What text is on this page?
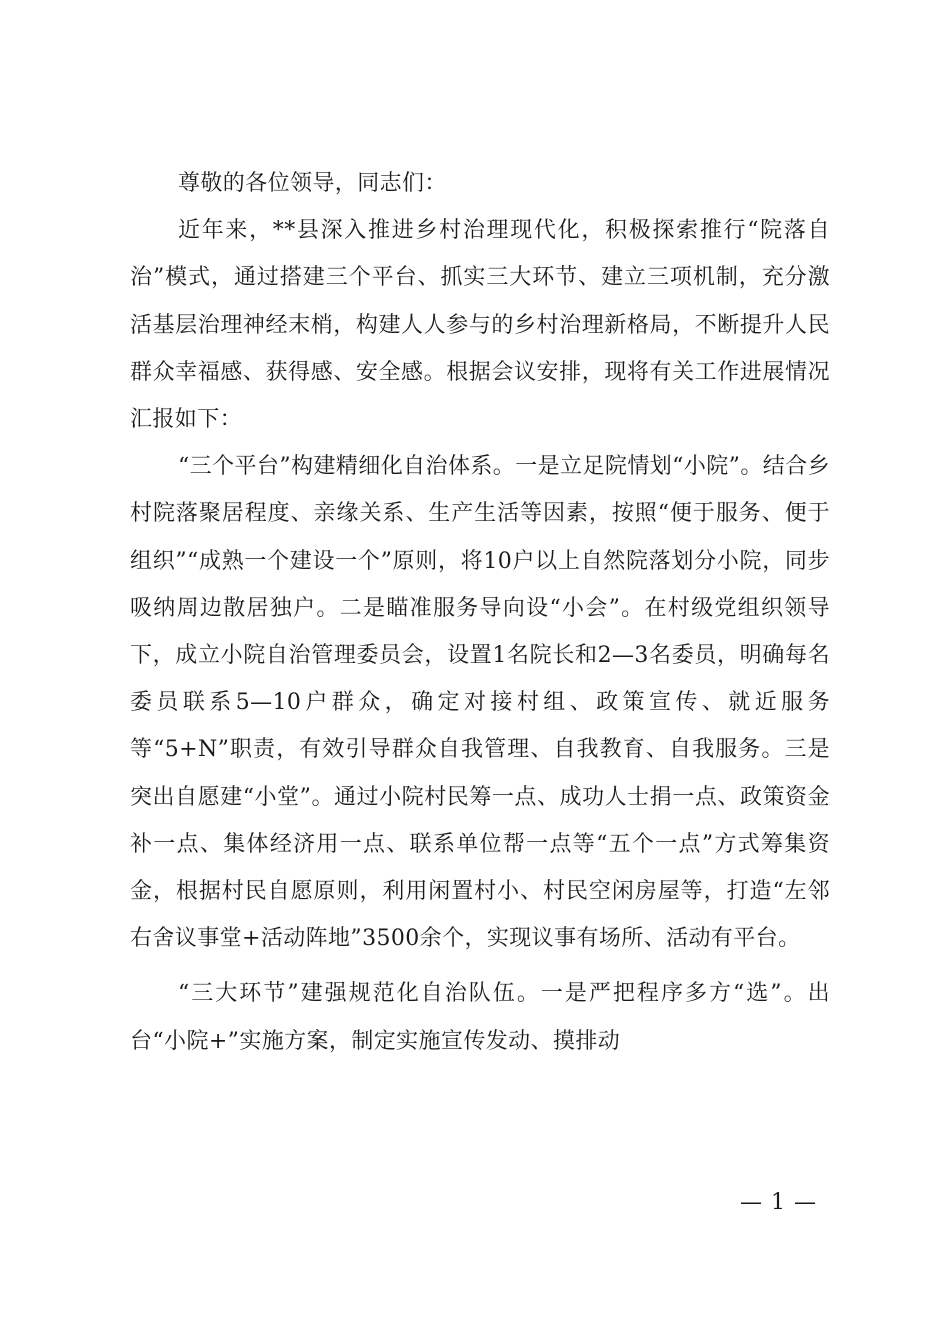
尊敬的各位领导，同志们：

近年来，**县深入推进乡村治理现代化，积极探索推行“院落自治”模式，通过搭建三个平台、抓实三大环节、建立三项机制，充分激活基层治理神经末梢，构建人人参与的乡村治理新格局，不断提升人民群众幸福感、获得感、安全感。根据会议安排，现将有关工作进展情况汇报如下：

“三个平台”构建精细化自治体系。一是立足院情划“小院”。结合乡村院落聚居程度、亲缘关系、生产生活等因素，按照“便于服务、便于组织”“成熟一个建设一个”原则，将10户以上自然院落划分小院，同步吸纳周边散居独户。二是瞄准服务导向设“小会”。在村级党组织领导下，成立小院自治管理委员会，设置1名院长和2—3名委员，明确每名委员联系5—10户群众，确定对接村组、政策宣传、就近服务等“5+N”职责，有效引导群众自我管理、自我教育、自我服务。三是突出自愿建“小堂”。通过小院村民筹一点、成功人士捐一点、政策资金补一点、集体经济用一点、联系单位帮一点等“五个一点”方式筹集资金，根据村民自愿原则，利用闲置村小、村民空闲房屋等，打造“左邻右舍议事堂+活动阵地”3500余个，实现议事有场所、活动有平台。

“三大环节”建强规范化自治队伍。一是严把程序多方“选”。出台“小院+”实施方案，制定实施宣传发动、摸排动

— 1 —
